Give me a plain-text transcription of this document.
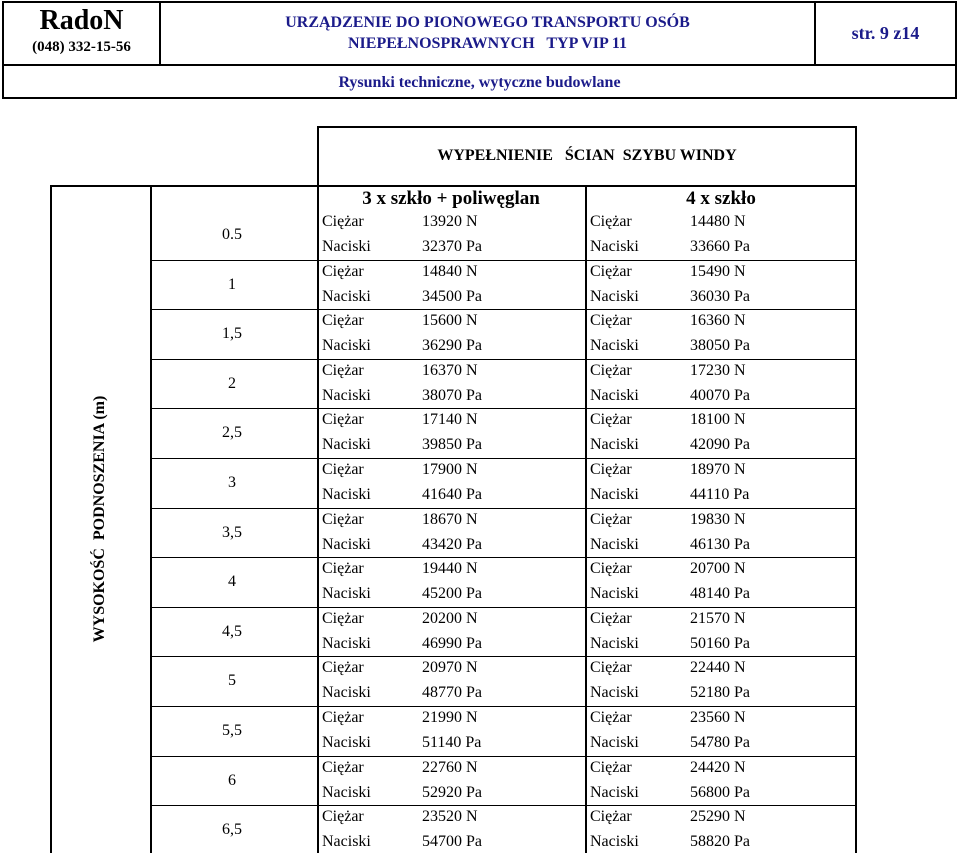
RadoN
(048) 332-15-56
URZĄDZENIE DO PIONOWEGO TRANSPORTU OSÓB
NIEPEŁNOSPRAWNYCH   TYP VIP 11
str. 9 z14
Rysunki techniczne, wytyczne budowlane
WYPEŁNIENIE   ŚCIAN  SZYBU WINDY
3 x szkło + poliwęglan	4 x szkło
WYSOKOŚĆ  PODNOSZENIA (m)
0.5
Ciężar
Naciski
13920 N
32370 Pa
Ciężar
Naciski
14480 N
33660 Pa
1
Ciężar
Naciski
14840 N
34500 Pa
Ciężar
Naciski
15490 N
36030 Pa
1,5
Ciężar
Naciski
15600 N
36290 Pa
Ciężar
Naciski
16360 N
38050 Pa
2
Ciężar
Naciski
16370 N
38070 Pa
Ciężar
Naciski
17230 N
40070 Pa
2,5
Ciężar
Naciski
17140 N
39850 Pa
Ciężar
Naciski
18100 N
42090 Pa
3
Ciężar
Naciski
17900 N
41640 Pa
Ciężar
Naciski
18970 N
44110 Pa
3,5
Ciężar
Naciski
18670 N
43420 Pa
Ciężar
Naciski
19830 N
46130 Pa
4
Ciężar
Naciski
19440 N
45200 Pa
Ciężar
Naciski
20700 N
48140 Pa
4,5
Ciężar
Naciski
20200 N
46990 Pa
Ciężar
Naciski
21570 N
50160 Pa
5
Ciężar
Naciski
20970 N
48770 Pa
Ciężar
Naciski
22440 N
52180 Pa
5,5
Ciężar
Naciski
21990 N
51140 Pa
Ciężar
Naciski
23560 N
54780 Pa
6
Ciężar
Naciski
22760 N
52920 Pa
Ciężar
Naciski
24420 N
56800 Pa
6,5
Ciężar
Naciski
23520 N
54700 Pa
Ciężar
Naciski
25290 N
58820 Pa
